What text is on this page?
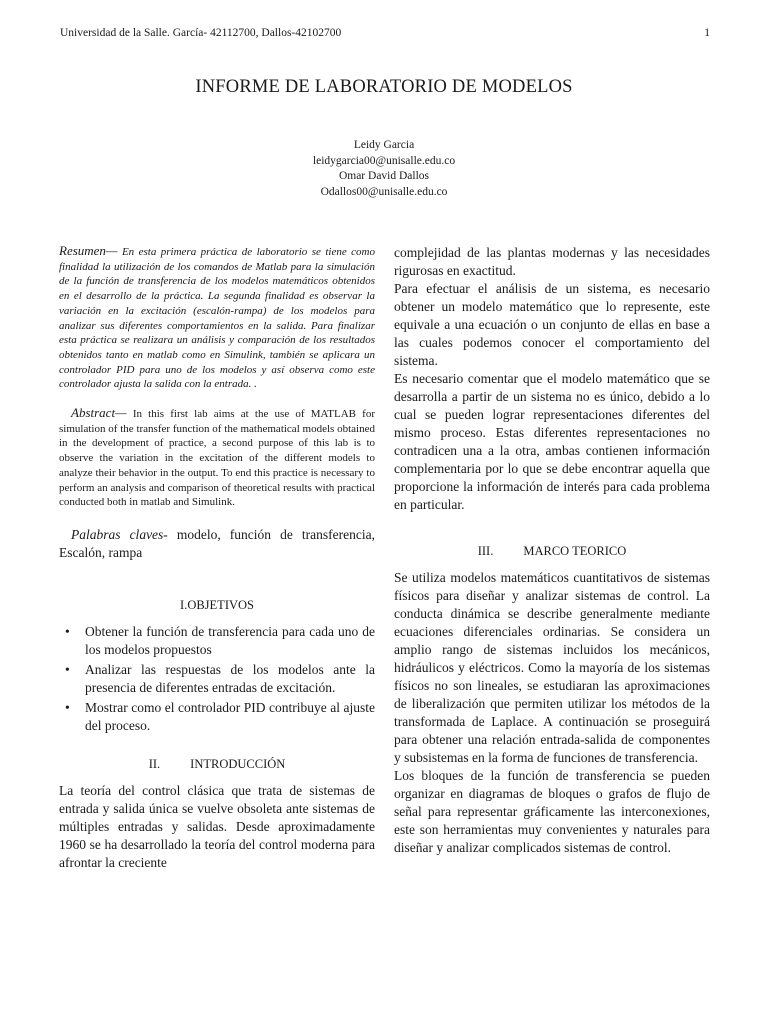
Universidad de la Salle. García- 42112700, Dallos-42102700	1
INFORME DE LABORATORIO DE MODELOS
Leidy Garcia
leidygarcia00@unisalle.edu.co
Omar David Dallos
Odallos00@unisalle.edu.co

Resumen— En esta primera práctica de laboratorio se tiene como finalidad la utilización de los comandos de Matlab para la simulación de la función de transferencia de los modelos matemáticos obtenidos en el desarrollo de la práctica. La segunda finalidad es observar la variación en la excitación (escalón-rampa) de los modelos para analizar sus diferentes comportamientos en la salida. Para finalizar esta práctica se realizara un análisis y comparación de los resultados obtenidos tanto en matlab como en Simulink, también se aplicara un controlador PID para uno de los modelos y así observa como este controlador ajusta la salida con la entrada. .

Abstract— In this first lab aims at the use of MATLAB for simulation of the transfer function of the mathematical models obtained in the development of practice, a second purpose of this lab is to observe the variation in the excitation of the different models to analyze their behavior in the output. To end this practice is necessary to perform an analysis and comparison of theoretical results with practical conducted both in matlab and Simulink.

Palabras claves- modelo, función de transferencia, Escalón, rampa

I.OBJETIVOS
• Obtener la función de transferencia para cada uno de los modelos propuestos
• Analizar las respuestas de los modelos ante la presencia de diferentes entradas de excitación.
• Mostrar como el controlador PID contribuye al ajuste del proceso.
II. INTRODUCCIÓN

La teoría del control clásica que trata de sistemas de entrada y salida única se vuelve obsoleta ante sistemas de múltiples entradas y salidas. Desde aproximadamente 1960 se ha desarrollado la teoría del control moderna para afrontar la creciente

complejidad de las plantas modernas y las necesidades rigurosas en exactitud.

Para efectuar el análisis de un sistema, es necesario obtener un modelo matemático que lo represente, este equivale a una ecuación o un conjunto de ellas en base a las cuales podemos conocer el comportamiento del sistema.

Es necesario comentar que el modelo matemático que se desarrolla a partir de un sistema no es único, debido a lo cual se pueden lograr representaciones diferentes del mismo proceso. Estas diferentes representaciones no contradicen una a la otra, ambas contienen información complementaria por lo que se debe encontrar aquella que proporcione la información de interés para cada problema en particular.

III. MARCO TEORICO

Se utiliza modelos matemáticos cuantitativos de sistemas físicos para diseñar y analizar sistemas de control. La conducta dinámica se describe generalmente mediante ecuaciones diferenciales ordinarias. Se considera un amplio rango de sistemas incluidos los mecánicos, hidráulicos y eléctricos. Como la mayoría de los sistemas físicos no son lineales, se estudiaran las aproximaciones de liberalización que permiten utilizar los métodos de la transformada de Laplace. A continuación se proseguirá para obtener una relación entrada-salida de componentes y subsistemas en la forma de funciones de transferencia.

Los bloques de la función de transferencia se pueden organizar en diagramas de bloques o grafos de flujo de señal para representar gráficamente las interconexiones, este son herramientas muy convenientes y naturales para diseñar y analizar complicados sistemas de control.
